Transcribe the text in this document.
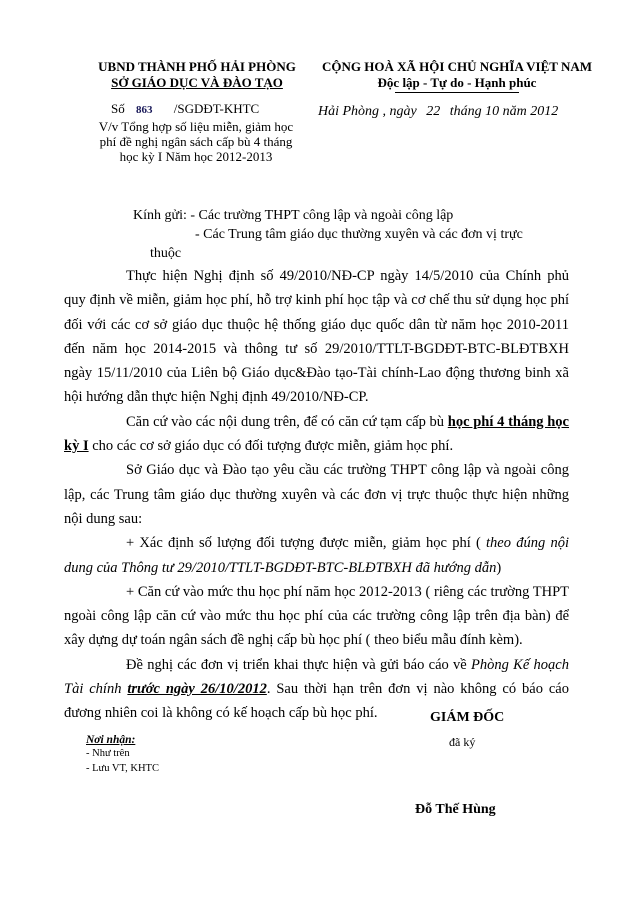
UBND THÀNH PHỐ HẢI PHÒNG
SỞ GIÁO DỤC VÀ ĐÀO TẠO
Số 863 /SGDĐT-KHTC
V/v Tổng hợp số liệu miễn, giảm học
phí đề nghị ngân sách cấp bù 4 tháng
học kỳ I Năm học 2012-2013
CỘNG HOÀ XÃ HỘI CHỦ NGHĨA VIỆT NAM
Độc lập - Tự do - Hạnh phúc
Hải Phòng , ngày 22 tháng 10 năm 2012
Kính gửi: - Các trường THPT công lập và ngoài công lập
- Các Trung tâm giáo dục thường xuyên và các đơn vị trực
thuộc
Thực hiện Nghị định số 49/2010/NĐ-CP ngày 14/5/2010 của Chính phủ quy định về miễn, giảm học phí, hỗ trợ kinh phí học tập và cơ chế thu sử dụng học phí đối với các cơ sở giáo dục thuộc hệ thống giáo dục quốc dân từ năm học 2010-2011 đến năm học 2014-2015 và thông tư số 29/2010/TTLT-BGDĐT-BTC-BLĐTBXH ngày 15/11/2010 của Liên bộ Giáo dục&Đào tạo-Tài chính-Lao động thương binh xã hội hướng dẫn thực hiện Nghị định 49/2010/NĐ-CP.
Căn cứ vào các nội dung trên, để có căn cứ tạm cấp bù học phí 4 tháng học kỳ I cho các cơ sở giáo dục có đối tượng được miễn, giảm học phí.
Sở Giáo dục và Đào tạo yêu cầu các trường THPT công lập và ngoài công lập, các Trung tâm giáo dục thường xuyên và các đơn vị trực thuộc thực hiện những nội dung sau:
+ Xác định số lượng đối tượng được miễn, giảm học phí ( theo đúng nội dung của Thông tư 29/2010/TTLT-BGDĐT-BTC-BLĐTBXH đã hướng dẫn)
+ Căn cứ vào mức thu học phí năm học 2012-2013 ( riêng các trường THPT ngoài công lập căn cứ vào mức thu học phí của các trường công lập trên địa bàn) để xây dựng dự toán ngân sách đề nghị cấp bù học phí ( theo biểu mẫu đính kèm).
Đề nghị các đơn vị triển khai thực hiện và gửi báo cáo về Phòng Kế hoạch Tài chính trước ngày 26/10/2012. Sau thời hạn trên đơn vị nào không có báo cáo đương nhiên coi là không có kế hoạch cấp bù học phí.
Nơi nhận:
- Như trên
- Lưu VT, KHTC
GIÁM ĐỐC
đã ký
Đỗ Thế Hùng
